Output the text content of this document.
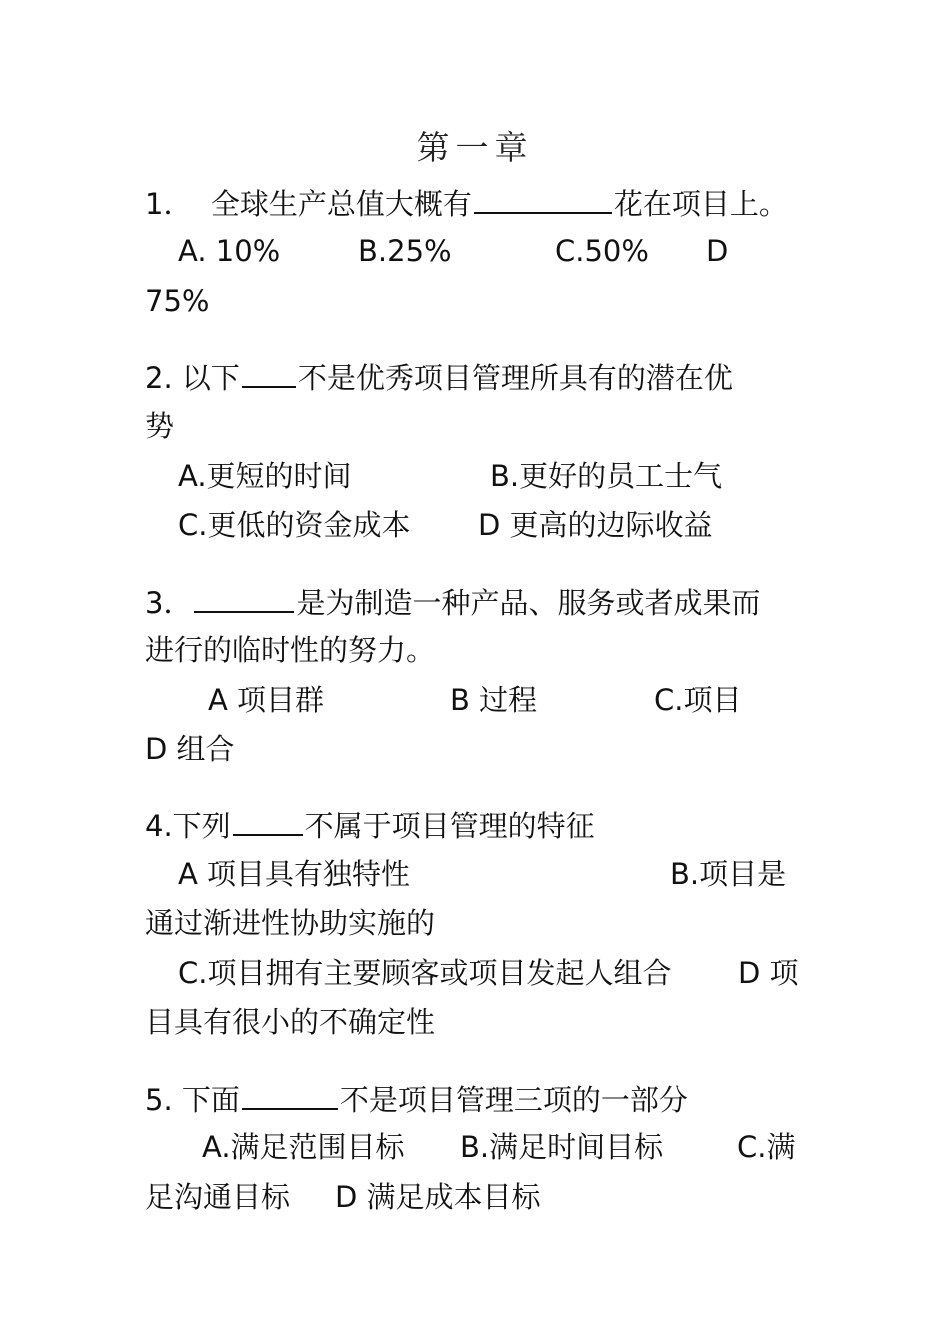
第一章
1．  全球生产总值大概有	花在项目上。
A. 10%	B.25%	C.50% D
75%
2. 以下 不是优秀项目管理所具有的潜在优
势
A.更短的时间	B.更好的员工士气
C.更低的资金成本 D 更高的边际收益
3．	是为制造一种产品、服务或者成果而
进行的临时性的努力。
A 项目群	B 过程	C.项目
D 组合
4.下列	不属于项目管理的特征
A 项目具有独特性	B.项目是
通过渐进性协助实施的
C.项目拥有主要顾客或项目发起人组合 D 项
目具有很小的不确定性
5. 下面	不是项目管理三项的一部分
A.满足范围目标 B.满足时间目标	C.满
足沟通目标 D 满足成本目标
